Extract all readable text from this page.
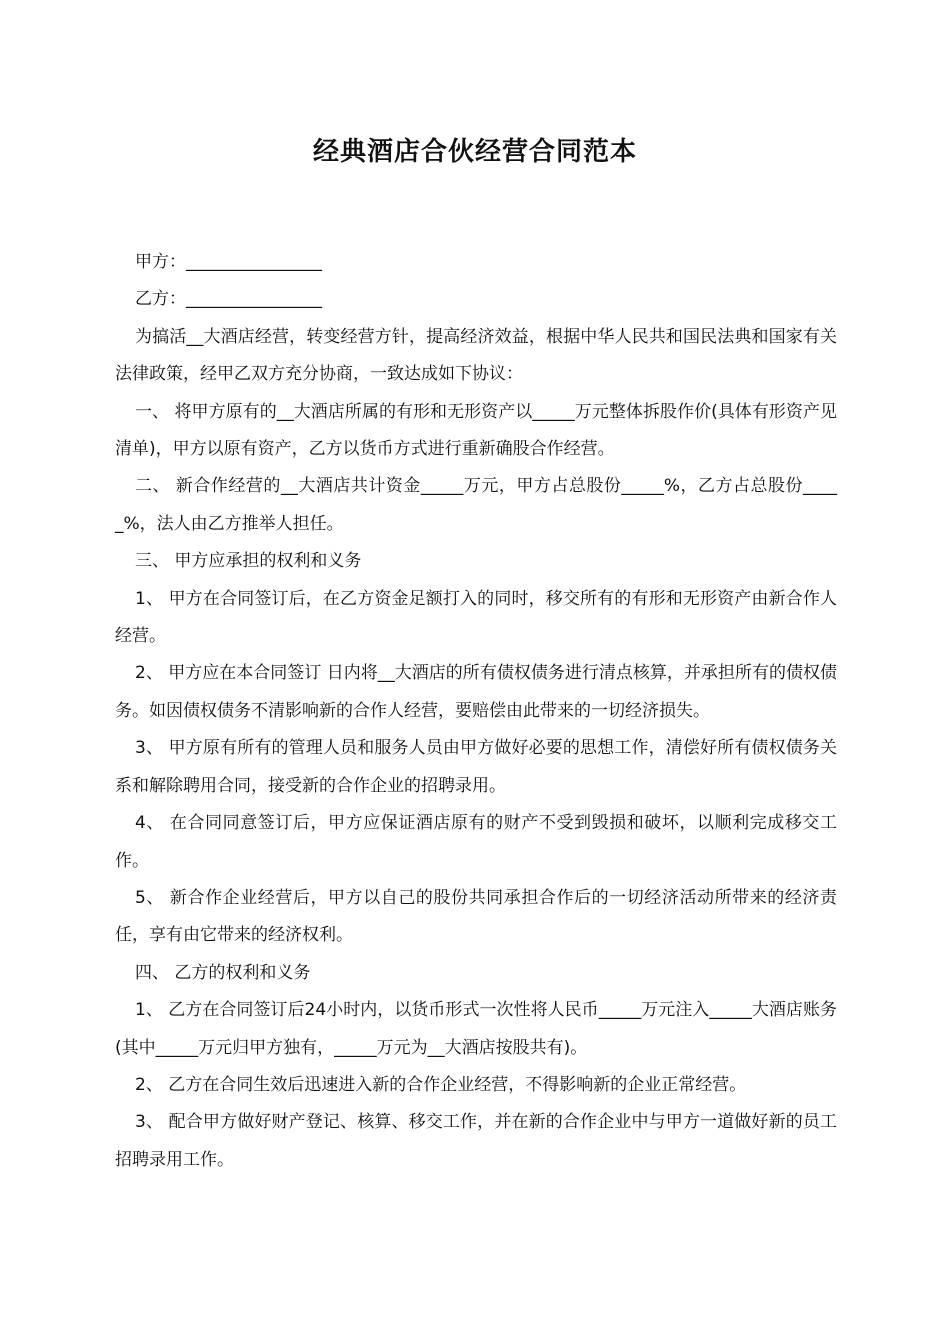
经典酒店合伙经营合同范本

甲方：________________

乙方：________________

为搞活__大酒店经营，转变经营方针，提高经济效益，根据中华人民共和国民法典和国家有关法律政策，经甲乙双方充分协商，一致达成如下协议：

一、 将甲方原有的__大酒店所属的有形和无形资产以_____万元整体拆股作价(具体有形资产见清单)，甲方以原有资产，乙方以货币方式进行重新确股合作经营。

二、 新合作经营的__大酒店共计资金_____万元，甲方占总股份_____%，乙方占总股份_____%，法人由乙方推举人担任。

三、 甲方应承担的权利和义务

1、 甲方在合同签订后，在乙方资金足额打入的同时，移交所有的有形和无形资产由新合作人经营。

2、 甲方应在本合同签订 日内将__大酒店的所有债权债务进行清点核算，并承担所有的债权债务。如因债权债务不清影响新的合作人经营，要赔偿由此带来的一切经济损失。

3、 甲方原有所有的管理人员和服务人员由甲方做好必要的思想工作，清偿好所有债权债务关系和解除聘用合同，接受新的合作企业的招聘录用。

4、 在合同同意签订后，甲方应保证酒店原有的财产不受到毁损和破坏，以顺利完成移交工作。

5、 新合作企业经营后，甲方以自己的股份共同承担合作后的一切经济活动所带来的经济责任，享有由它带来的经济权利。

四、 乙方的权利和义务

1、 乙方在合同签订后24小时内，以货币形式一次性将人民币_____万元注入_____大酒店账务(其中_____万元归甲方独有，_____万元为__大酒店按股共有)。

2、 乙方在合同生效后迅速进入新的合作企业经营，不得影响新的企业正常经营。

3、 配合甲方做好财产登记、核算、移交工作，并在新的合作企业中与甲方一道做好新的员工招聘录用工作。
